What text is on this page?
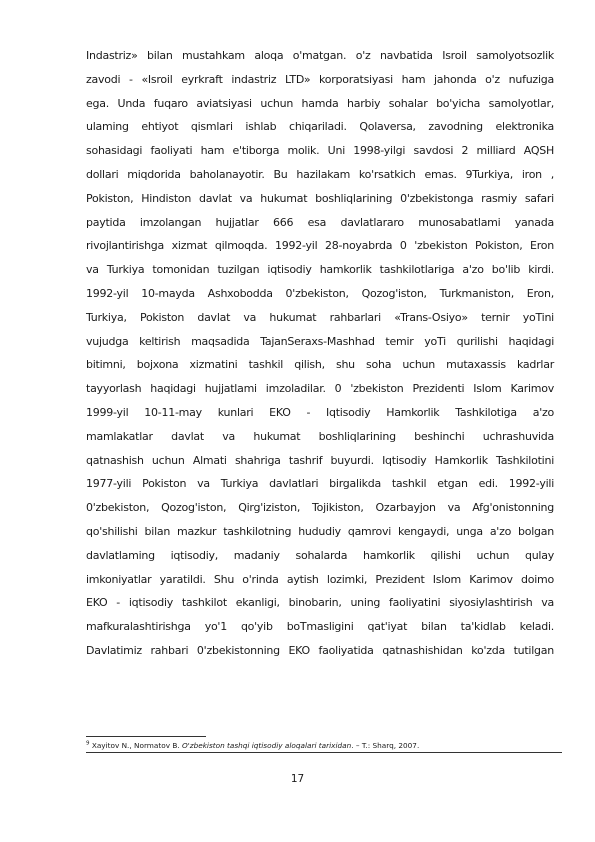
Indastriz» bilan mustahkam aloqa o'matgan. o'z navbatida Isroil samolyotsozlik
zavodi - «Isroil eyrkraft indastriz LTD» korporatsiyasi ham jahonda o'z nufuziga
ega. Unda fuqaro aviatsiyasi uchun hamda harbiy sohalar bo'yicha samolyotlar,
ulaming ehtiyot qismlari ishlab chiqariladi. Qolaversa, zavodning elektronika
sohasidagi faoliyati ham e'tiborga molik. Uni 1998-yilgi savdosi 2 milliard AQSH
dollari miqdorida baholanayotir. Bu hazilakam ko'rsatkich emas. 9Turkiya, iron ,
Pokiston, Hindiston davlat va hukumat boshliqlarining 0'zbekistonga rasmiy safari
paytida imzolangan hujjatlar 666 esa davlatlararo munosabatlami yanada
rivojlantirishga xizmat qilmoqda. 1992-yil 28-noyabrda 0 'zbekiston Pokiston, Eron
va Turkiya tomonidan tuzilgan iqtisodiy hamkorlik tashkilotlariga a'zo bo'lib kirdi.
1992-yil 10-mayda Ashxobodda 0'zbekiston, Qozog'iston, Turkmaniston, Eron,
Turkiya, Pokiston davlat va hukumat rahbarlari «Trans-Osiyo» ternir yoTini
vujudga keltirish maqsadida TajanSeraxs-Mashhad temir yoTi qurilishi haqidagi
bitimni, bojxona xizmatini tashkil qilish, shu soha uchun mutaxassis kadrlar
tayyorlash haqidagi hujjatlami imzoladilar. 0 'zbekiston Prezidenti Islom Karimov
1999-yil 10-11-may kunlari EKO - Iqtisodiy Hamkorlik Tashkilotiga a'zo
mamlakatlar davlat va hukumat boshliqlarining beshinchi uchrashuvida
qatnashish uchun Almati shahriga tashrif buyurdi. Iqtisodiy Hamkorlik Tashkilotini
1977-yili Pokiston va Turkiya davlatlari birgalikda tashkil etgan edi. 1992-yili
0'zbekiston, Qozog'iston, Qirg'iziston, Tojikiston, Ozarbayjon va Afg'onistonning
qo'shilishi bilan mazkur tashkilotning hududiy qamrovi kengaydi, unga a'zo bolgan
davlatlaming iqtisodiy, madaniy sohalarda hamkorlik qilishi uchun qulay
imkoniyatlar yaratildi. Shu o'rinda aytish lozimki, Prezident Islom Karimov doimo
EKO - iqtisodiy tashkilot ekanligi, binobarin, uning faoliyatini siyosiylashtirish va
mafkuralashtirishga yo'1 qo'yib boTmasligini qat'iyat bilan ta'kidlab keladi.
Davlatimiz rahbari 0'zbekistonning EKO faoliyatida qatnashishidan ko'zda tutilgan
$^9$ Xayitov N., Normatov B. O'zbekiston tashqi iqtisodiy aloqalari tarixidan. – T.: Sharq, 2007.
17
